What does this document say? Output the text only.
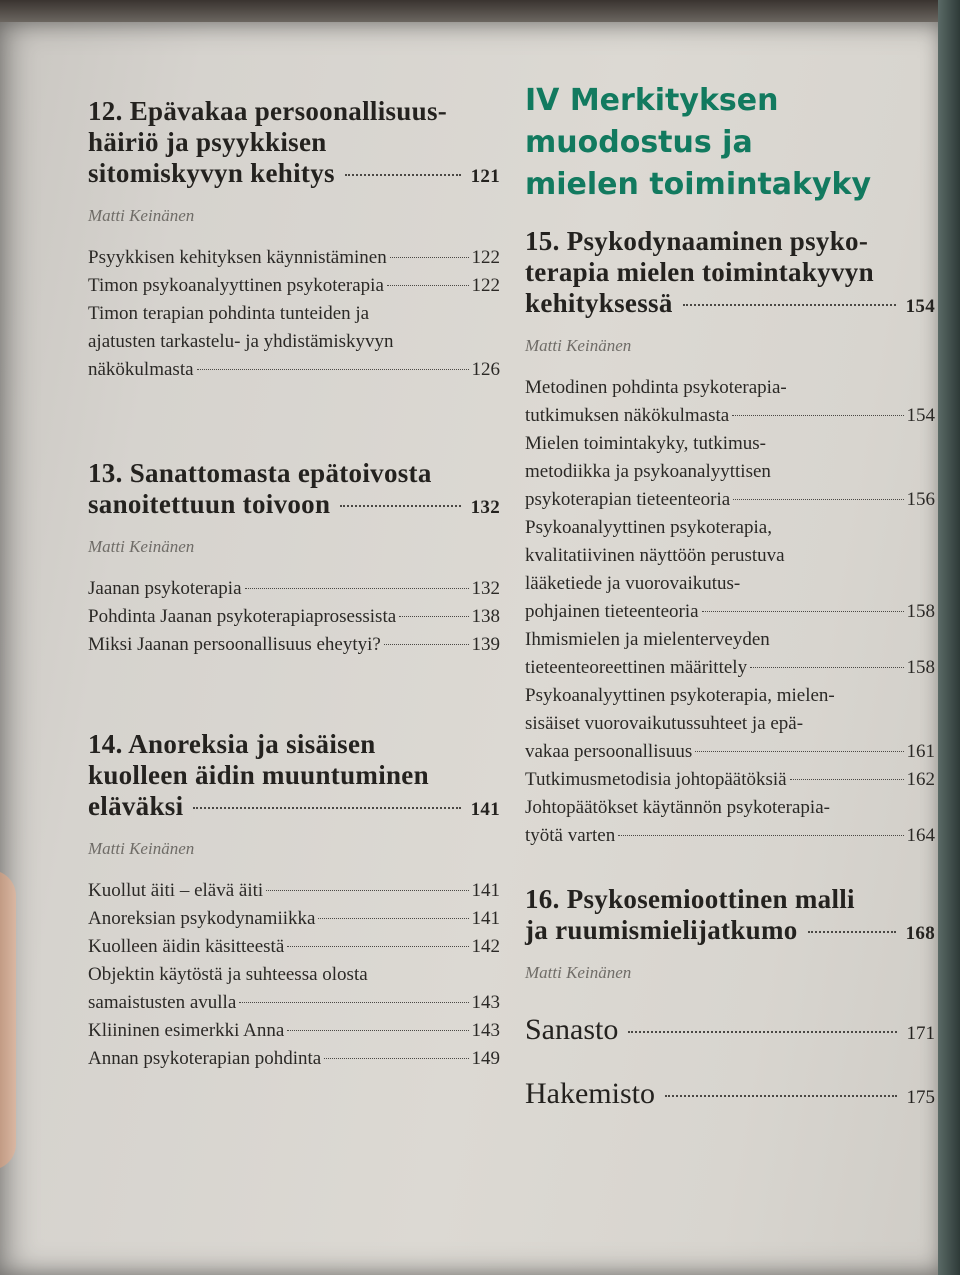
12. Epävakaa persoonallisuus-
häiriö ja psyykkisen
sitomiskyvyn kehitys	121
Matti Keinänen
Psyykkisen kehityksen käynnistäminen	122
Timon psykoanalyyttinen psykoterapia	122
Timon terapian pohdinta tunteiden ja
ajatusten tarkastelu- ja yhdistämiskyvyn
näkökulmasta	126
13. Sanattomasta epätoivosta
sanoitettuun toivoon	132
Matti Keinänen
Jaanan psykoterapia	132
Pohdinta Jaanan psykoterapiaprosessista	138
Miksi Jaanan persoonallisuus eheytyi?	139
14. Anoreksia ja sisäisen
kuolleen äidin muuntuminen
eläväksi	141
Matti Keinänen
Kuollut äiti – elävä äiti	141
Anoreksian psykodynamiikka	141
Kuolleen äidin käsitteestä	142
Objektin käytöstä ja suhteessa olosta
samaistusten avulla	143
Kliininen esimerkki Anna	143
Annan psykoterapian pohdinta	149
IV Merkityksen
muodostus ja
mielen toimintakyky
15. Psykodynaaminen psyko-
terapia mielen toimintakyvyn
kehityksessä	154
Matti Keinänen
Metodinen pohdinta psykoterapia-
tutkimuksen näkökulmasta	154
Mielen toimintakyky, tutkimus-
metodiikka ja psykoanalyyttisen
psykoterapian tieteenteoria	156
Psykoanalyyttinen psykoterapia,
kvalitatiivinen näyttöön perustuva
lääketiede ja vuorovaikutus-
pohjainen tieteenteoria	158
Ihmismielen ja mielenterveyden
tieteenteoreettinen määrittely	158
Psykoanalyyttinen psykoterapia, mielen-
sisäiset vuorovaikutussuhteet ja epä-
vakaa persoonallisuus	161
Tutkimusmetodisia johtopäätöksiä	162
Johtopäätökset käytännön psykoterapia-
työtä varten	164
16. Psykosemioottinen malli
ja ruumismielijatkumo	168
Matti Keinänen
Sanasto	171
Hakemisto	175
